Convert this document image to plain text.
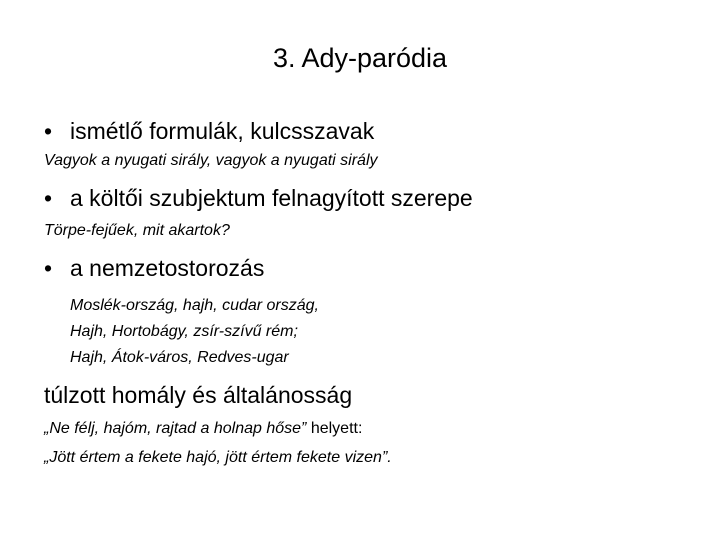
3. Ady-paródia
• ismétlő formulák, kulcsszavak
Vagyok a nyugati sirály, vagyok a nyugati sirály
• a költői szubjektum felnagyított szerepe
Törpe-fejűek, mit akartok?
• a nemzetostorozás
Moslék-ország, hajh, cudar ország,
Hajh, Hortobágy, zsír-szívű rém;
Hajh, Átok-város, Redves-ugar
túlzott homály és általánosság
„Ne félj, hajóm, rajtad a holnap hőse” helyett:
„Jött értem a fekete hajó, jött értem fekete vizen”.
